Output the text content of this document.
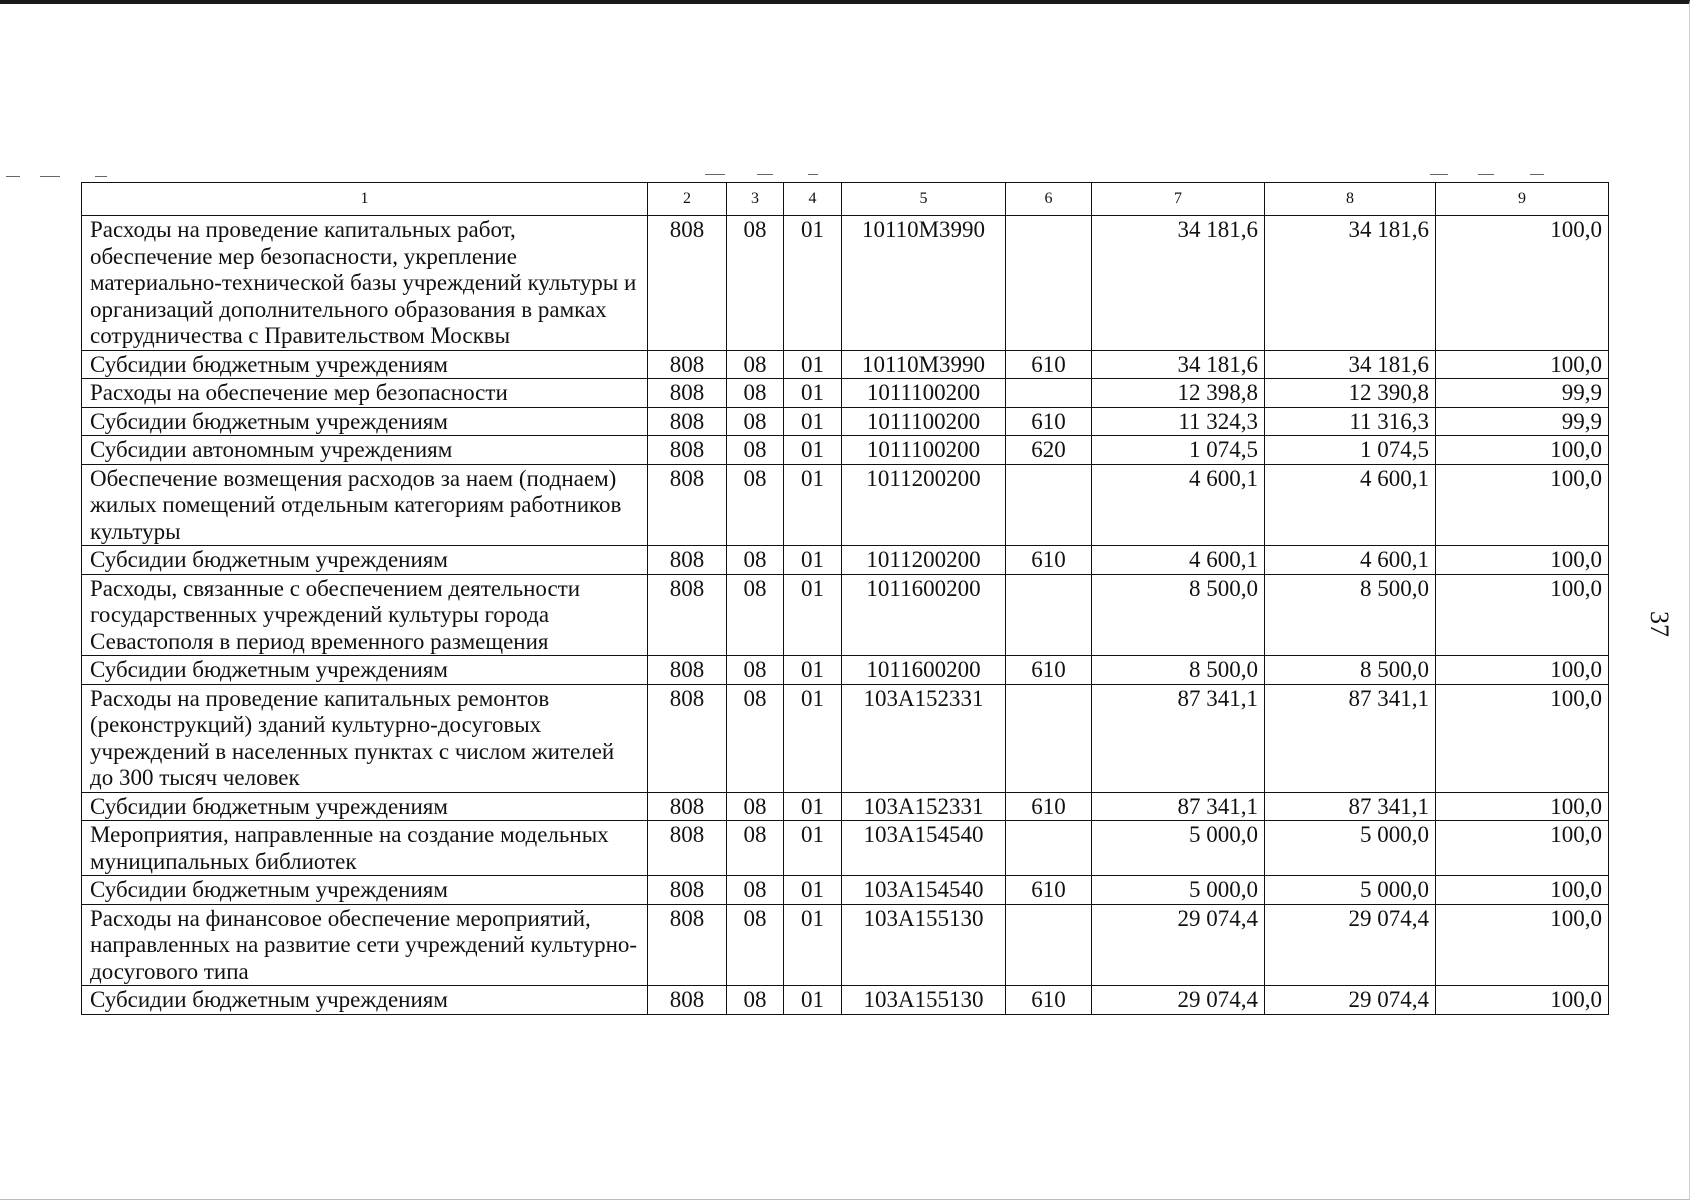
1	2	3	4	5	6	7	8	9
Расходы на проведение капитальных работ, обеспечение мер безопасности, укрепление материально-технической базы учреждений культуры и организаций дополнительного образования в рамках сотрудничества с Правительством Москвы	808	08	01	10110M3990		34 181,6	34 181,6	100,0
Субсидии бюджетным учреждениям	808	08	01	10110M3990	610	34 181,6	34 181,6	100,0
Расходы на обеспечение мер безопасности	808	08	01	1011100200		12 398,8	12 390,8	99,9
Субсидии бюджетным учреждениям	808	08	01	1011100200	610	11 324,3	11 316,3	99,9
Субсидии автономным учреждениям	808	08	01	1011100200	620	1 074,5	1 074,5	100,0
Обеспечение возмещения расходов за наем (поднаем) жилых помещений отдельным категориям работников культуры	808	08	01	1011200200		4 600,1	4 600,1	100,0
Субсидии бюджетным учреждениям	808	08	01	1011200200	610	4 600,1	4 600,1	100,0
Расходы, связанные с обеспечением деятельности государственных учреждений культуры города Севастополя в период временного размещения	808	08	01	1011600200		8 500,0	8 500,0	100,0
Субсидии бюджетным учреждениям	808	08	01	1011600200	610	8 500,0	8 500,0	100,0
Расходы на проведение капитальных ремонтов (реконструкций) зданий культурно-досуговых учреждений в населенных пунктах с числом жителей до 300 тысяч человек	808	08	01	103A152331		87 341,1	87 341,1	100,0
Субсидии бюджетным учреждениям	808	08	01	103A152331	610	87 341,1	87 341,1	100,0
Мероприятия, направленные на создание модельных муниципальных библиотек	808	08	01	103A154540		5 000,0	5 000,0	100,0
Субсидии бюджетным учреждениям	808	08	01	103A154540	610	5 000,0	5 000,0	100,0
Расходы на финансовое обеспечение мероприятий, направленных на развитие сети учреждений культурно-досугового типа	808	08	01	103A155130		29 074,4	29 074,4	100,0
Субсидии бюджетным учреждениям	808	08	01	103A155130	610	29 074,4	29 074,4	100,0
37
